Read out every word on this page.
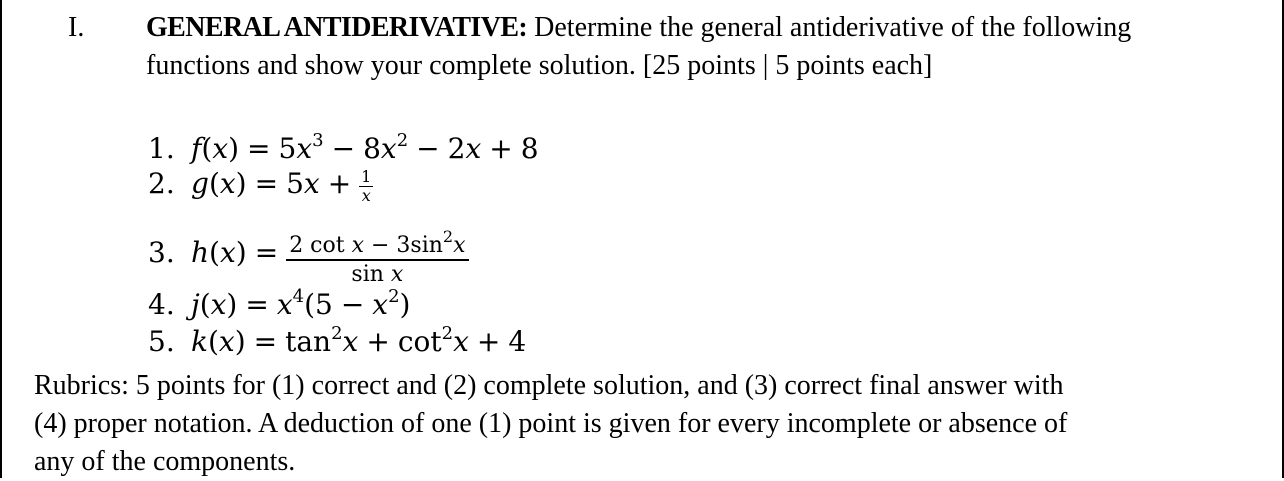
I. GENERAL ANTIDERIVATIVE: Determine the general antiderivative of the following
functions and show your complete solution. [25 points | 5 points each]
1. $f(x) = 5x^3 - 8x^2 - 2x + 8$
2. $g(x) = 5x + \frac{1}{x}$
3. $h(x) = \frac{2 \cot x - 3\sin^2x}{\text{sin x}}$
4. $j(x) = x^4(5 - x^2)$
5. $k(x) = \tan^2x + \cot^2x + 4$
Rubrics: 5 points for (1) correct and (2) complete solution, and (3) correct final answer with
(4) proper notation. A deduction of one (1) point is given for every incomplete or absence of
any of the components.
